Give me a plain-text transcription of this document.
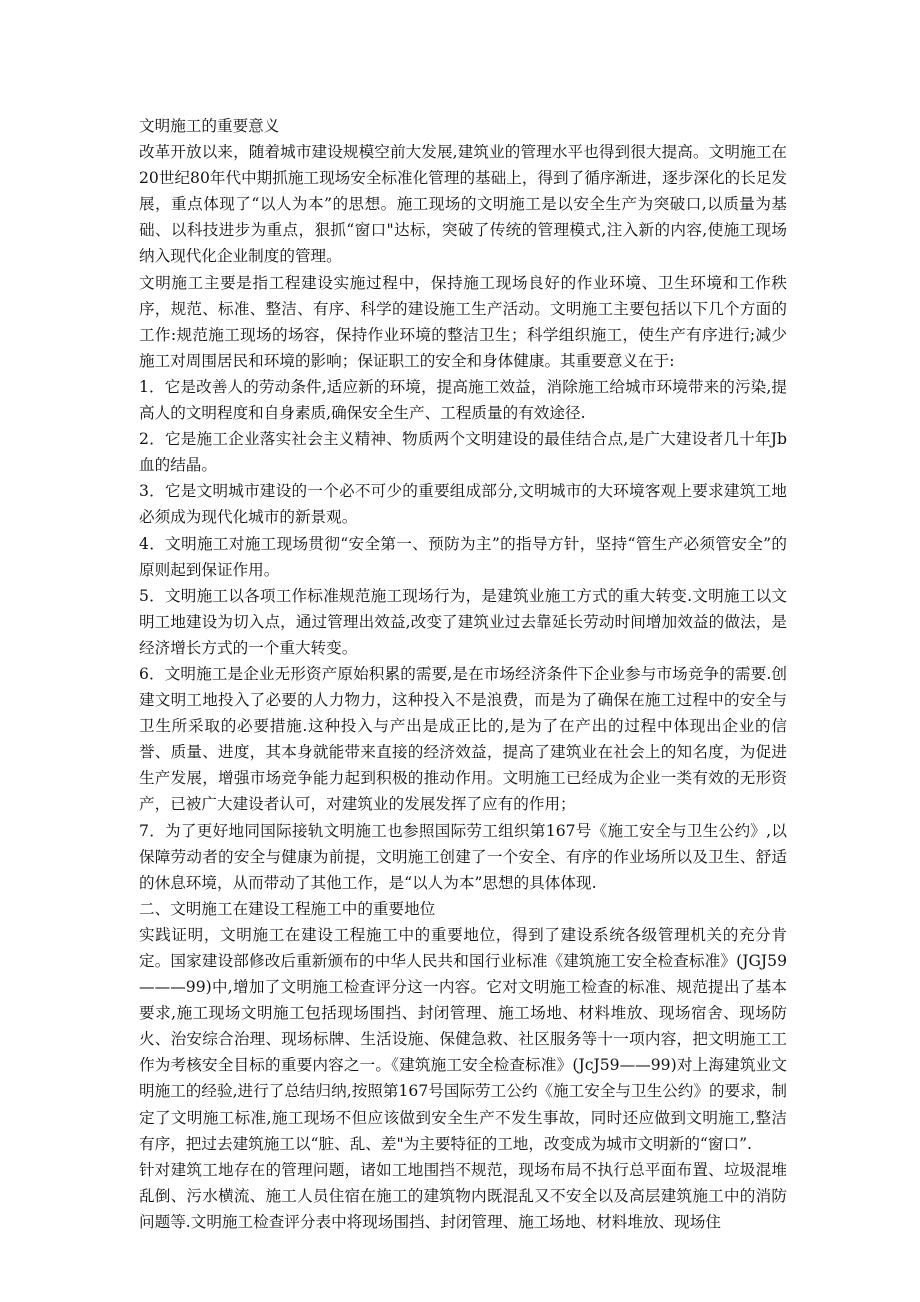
文明施工的重要意义

改革开放以来，随着城市建设规模空前大发展,建筑业的管理水平也得到很大提高。文明施工在20世纪80年代中期抓施工现场安全标准化管理的基础上，得到了循序渐进，逐步深化的长足发展，重点体现了“以人为本”的思想。施工现场的文明施工是以安全生产为突破口,以质量为基础、以科技进步为重点，狠抓“窗口"达标，突破了传统的管理模式,注入新的内容,使施工现场纳入现代化企业制度的管理。

文明施工主要是指工程建设实施过程中，保持施工现场良好的作业环境、卫生环境和工作秩序，规范、标准、整洁、有序、科学的建设施工生产活动。文明施工主要包括以下几个方面的工作:规范施工现场的场容，保持作业环境的整洁卫生；科学组织施工，使生产有序进行;减少施工对周围居民和环境的影响；保证职工的安全和身体健康。其重要意义在于:

1．它是改善人的劳动条件,适应新的环境，提高施工效益，消除施工给城市环境带来的污染,提高人的文明程度和自身素质,确保安全生产、工程质量的有效途径.

2．它是施工企业落实社会主义精神、物质两个文明建设的最佳结合点,是广大建设者几十年Jb血的结晶。

3．它是文明城市建设的一个必不可少的重要组成部分,文明城市的大环境客观上要求建筑工地必须成为现代化城市的新景观。

4．文明施工对施工现场贯彻“安全第一、预防为主”的指导方针，坚持“管生产必须管安全”的原则起到保证作用。

5．文明施工以各项工作标准规范施工现场行为，是建筑业施工方式的重大转变.文明施工以文明工地建设为切入点，通过管理出效益,改变了建筑业过去靠延长劳动时间增加效益的做法，是经济增长方式的一个重大转变。

6．文明施工是企业无形资产原始积累的需要,是在市场经济条件下企业参与市场竞争的需要.创建文明工地投入了必要的人力物力，这种投入不是浪费，而是为了确保在施工过程中的安全与卫生所采取的必要措施.这种投入与产出是成正比的,是为了在产出的过程中体现出企业的信誉、质量、进度，其本身就能带来直接的经济效益，提高了建筑业在社会上的知名度，为促进生产发展，增强市场竞争能力起到积极的推动作用。文明施工已经成为企业一类有效的无形资产，已被广大建设者认可，对建筑业的发展发挥了应有的作用；

7．为了更好地同国际接轨文明施工也参照国际劳工组织第167号《施工安全与卫生公约》,以保障劳动者的安全与健康为前提，文明施工创建了一个安全、有序的作业场所以及卫生、舒适的休息环境，从而带动了其他工作，是“以人为本”思想的具体体现.

二、文明施工在建设工程施工中的重要地位

实践证明，文明施工在建设工程施工中的重要地位，得到了建设系统各级管理机关的充分肯定。国家建设部修改后重新颁布的中华人民共和国行业标准《建筑施工安全检查标准》(JGJ59———99)中,增加了文明施工检查评分这一内容。它对文明施工检查的标准、规范提出了基本要求,施工现场文明施工包括现场围挡、封闭管理、施工场地、材料堆放、现场宿舍、现场防火、治安综合治理、现场标牌、生活设施、保健急救、社区服务等十一项内容，把文明施工工作为考核安全目标的重要内容之一。《建筑施工安全检查标准》(JcJ59——99)对上海建筑业文明施工的经验,进行了总结归纳,按照第167号国际劳工公约《施工安全与卫生公约》的要求，制定了文明施工标准,施工现场不但应该做到安全生产不发生事故，同时还应做到文明施工,整洁有序，把过去建筑施工以“脏、乱、差"为主要特征的工地，改变成为城市文明新的“窗口”.

针对建筑工地存在的管理问题，诸如工地围挡不规范，现场布局不执行总平面布置、垃圾混堆乱倒、污水横流、施工人员住宿在施工的建筑物内既混乱又不安全以及高层建筑施工中的消防问题等.文明施工检查评分表中将现场围挡、封闭管理、施工场地、材料堆放、现场住
